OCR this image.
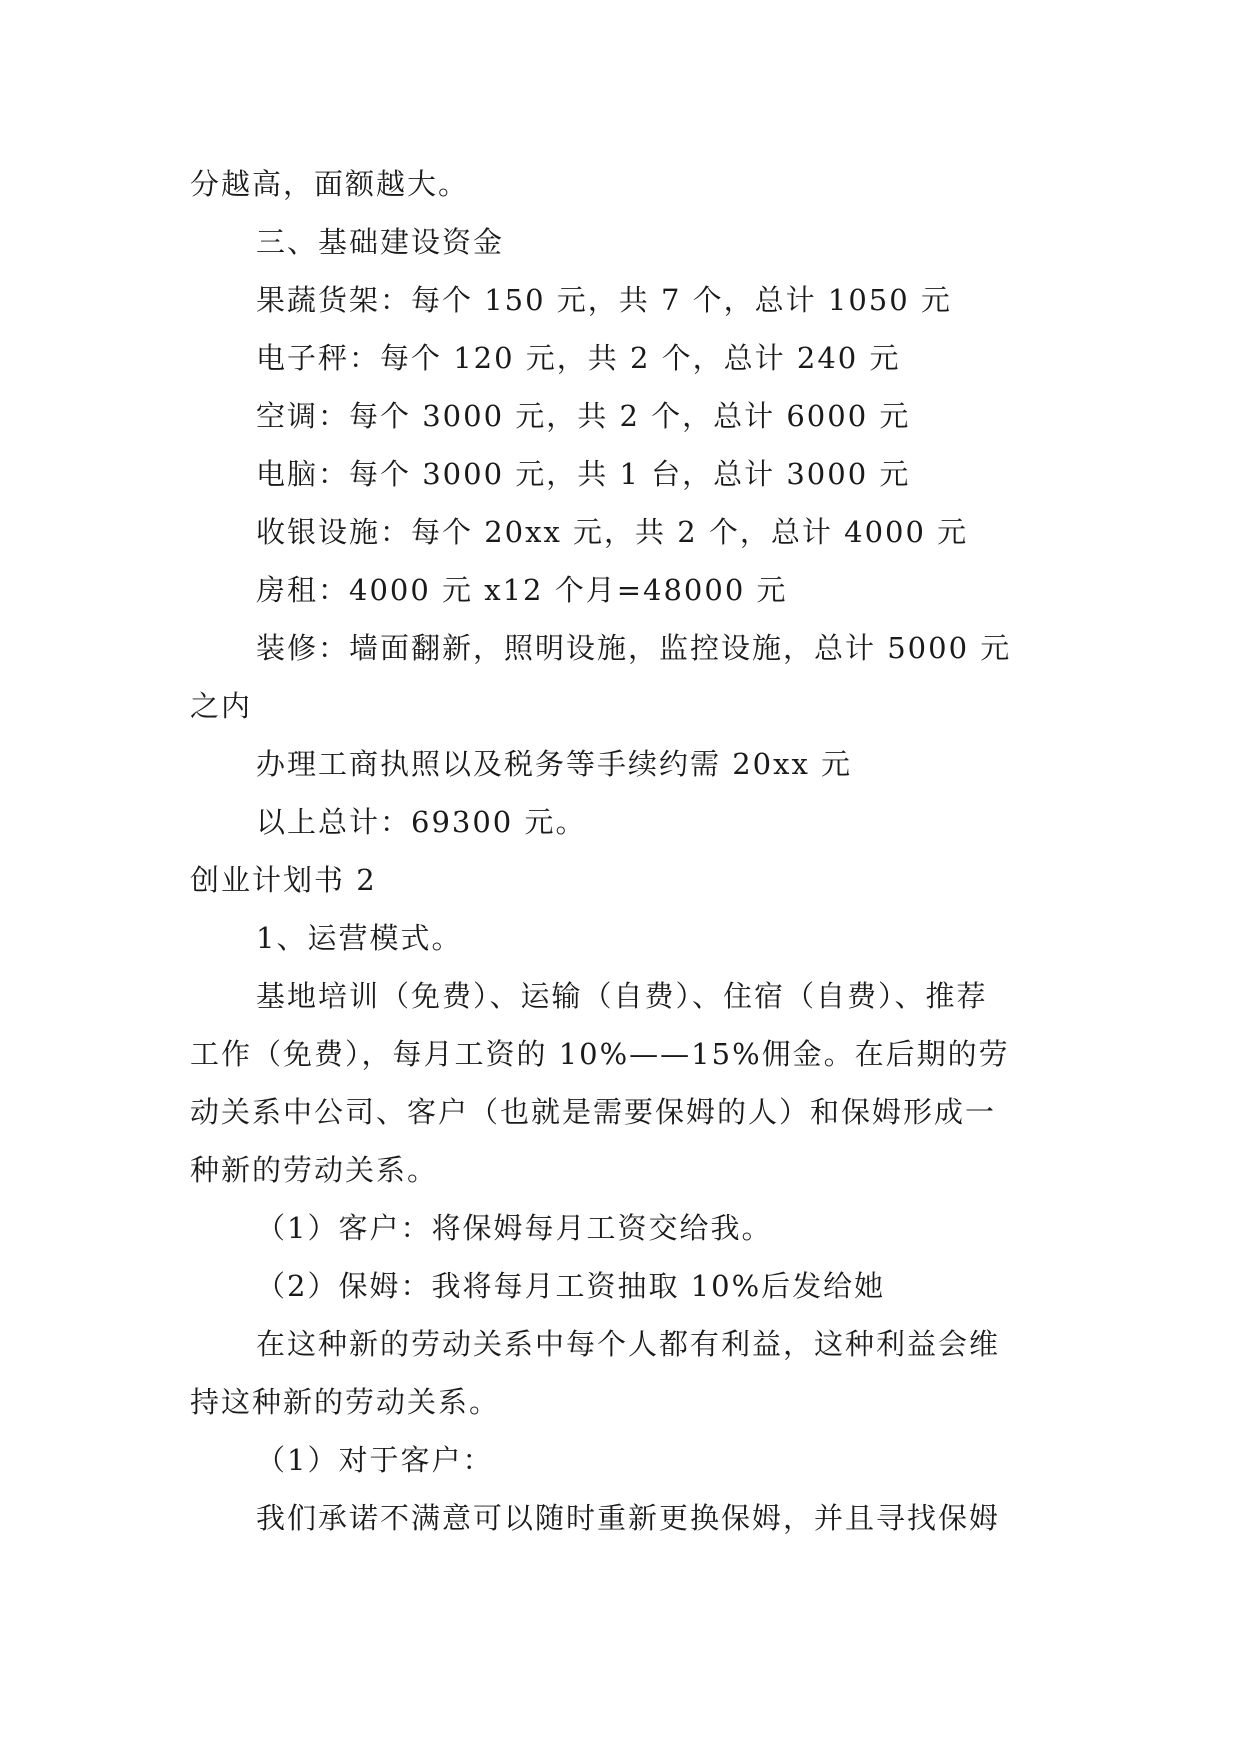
分越高，面额越大。
三、基础建设资金
果蔬货架：每个 150 元，共 7 个，总计 1050 元
电子秤：每个 120 元，共 2 个，总计 240 元
空调：每个 3000 元，共 2 个，总计 6000 元
电脑：每个 3000 元，共 1 台，总计 3000 元
收银设施：每个 20xx 元，共 2 个，总计 4000 元
房租：4000 元 x12 个月=48000 元
装修：墙面翻新，照明设施，监控设施，总计 5000 元
之内
办理工商执照以及税务等手续约需 20xx 元
以上总计：69300 元。
创业计划书 2
1、运营模式。
基地培训（免费）、运输（自费）、住宿（自费）、推荐
工作（免费），每月工资的 10%——15%佣金。在后期的劳
动关系中公司、客户（也就是需要保姆的人）和保姆形成一
种新的劳动关系。
（1）客户：将保姆每月工资交给我。
（2）保姆：我将每月工资抽取 10%后发给她
在这种新的劳动关系中每个人都有利益，这种利益会维
持这种新的劳动关系。
（1）对于客户：
我们承诺不满意可以随时重新更换保姆，并且寻找保姆
